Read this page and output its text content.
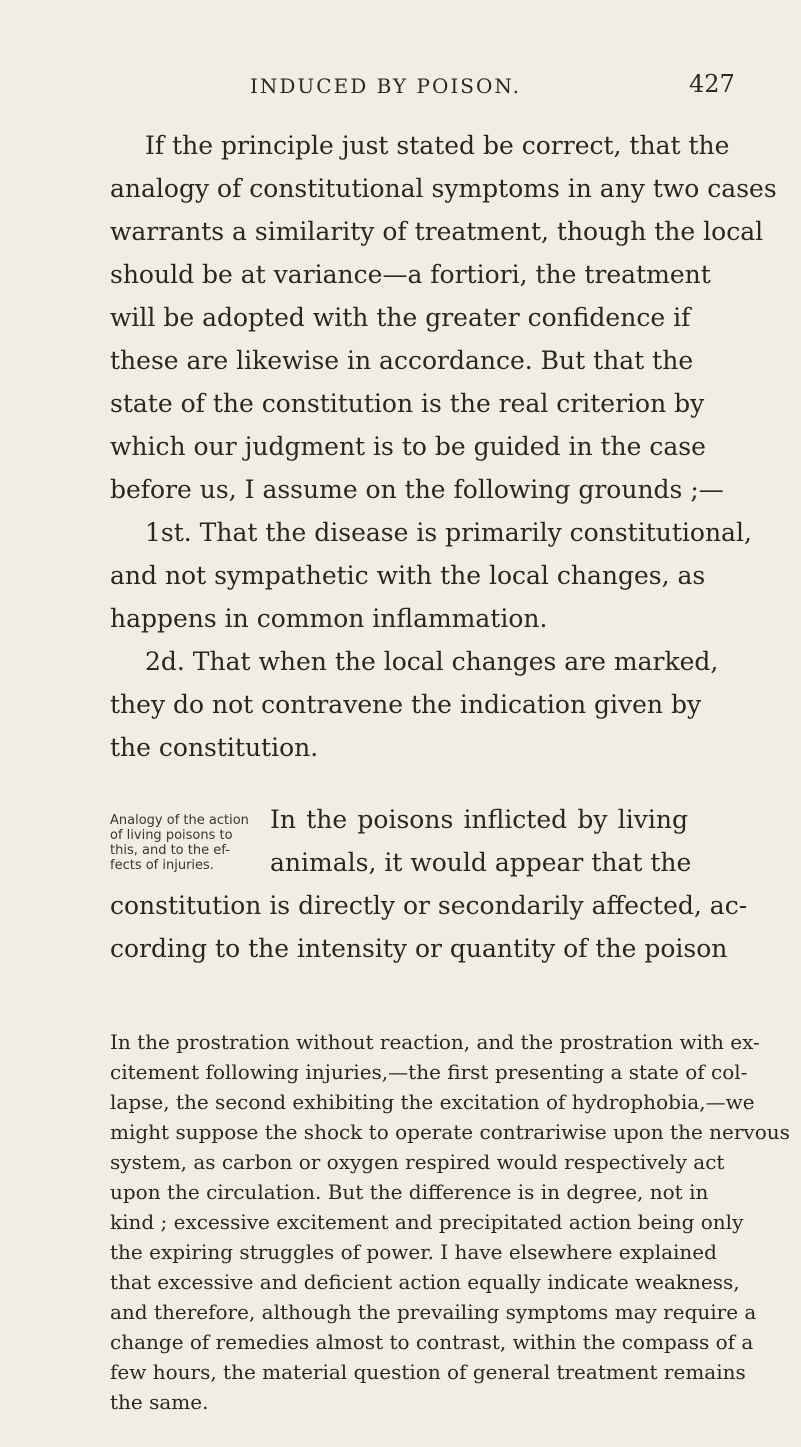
INDUCED BY POISON.	427
If the principle just stated be correct, that the
analogy of constitutional symptoms in any two cases
warrants a similarity of treatment, though the local
should be at variance—a fortiori, the treatment
will be adopted with the greater confidence if
these are likewise in accordance. But that the
state of the constitution is the real criterion by
which our judgment is to be guided in the case
before us, I assume on the following grounds ;—
1st. That the disease is primarily constitutional,
and not sympathetic with the local changes, as
happens in common inflammation.
2d. That when the local changes are marked,
they do not contravene the indication given by
the constitution.
In the poisons inflicted by living
animals, it would appear that the
constitution is directly or secondarily affected, ac-
cording to the intensity or quantity of the poison
In the prostration without reaction, and the prostration with ex-
citement following injuries,—the first presenting a state of col-
lapse, the second exhibiting the excitation of hydrophobia,—we
might suppose the shock to operate contrariwise upon the nervous
system, as carbon or oxygen respired would respectively act
upon the circulation. But the difference is in degree, not in
kind ; excessive excitement and precipitated action being only
the expiring struggles of power. I have elsewhere explained
that excessive and deficient action equally indicate weakness,
and therefore, although the prevailing symptoms may require a
change of remedies almost to contrast, within the compass of a
few hours, the material question of general treatment remains
the same.
Analogy of the action
of living poisons to
this, and to the ef-
fects of injuries.
